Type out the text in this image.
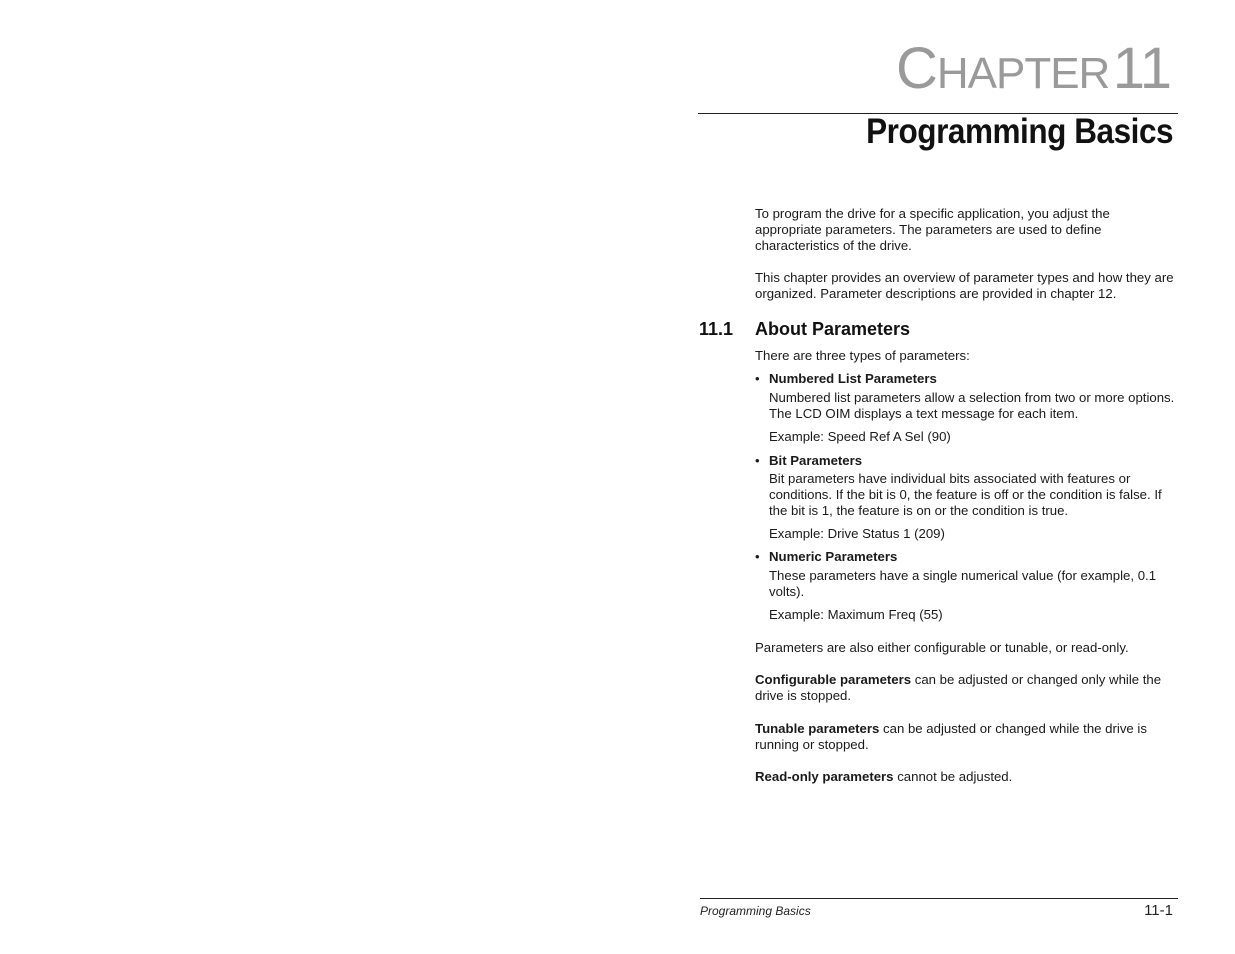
CHAPTER 11
Programming Basics
To program the drive for a specific application, you adjust the appropriate parameters. The parameters are used to define characteristics of the drive.
This chapter provides an overview of parameter types and how they are organized. Parameter descriptions are provided in chapter 12.
11.1 About Parameters
There are three types of parameters:
• Numbered List Parameters
Numbered list parameters allow a selection from two or more options. The LCD OIM displays a text message for each item.
Example: Speed Ref A Sel (90)
• Bit Parameters
Bit parameters have individual bits associated with features or conditions. If the bit is 0, the feature is off or the condition is false. If the bit is 1, the feature is on or the condition is true.
Example: Drive Status 1 (209)
• Numeric Parameters
These parameters have a single numerical value (for example, 0.1 volts).
Example: Maximum Freq (55)
Parameters are also either configurable or tunable, or read-only.
Configurable parameters can be adjusted or changed only while the drive is stopped.
Tunable parameters can be adjusted or changed while the drive is running or stopped.
Read-only parameters cannot be adjusted.
Programming Basics	11-1
